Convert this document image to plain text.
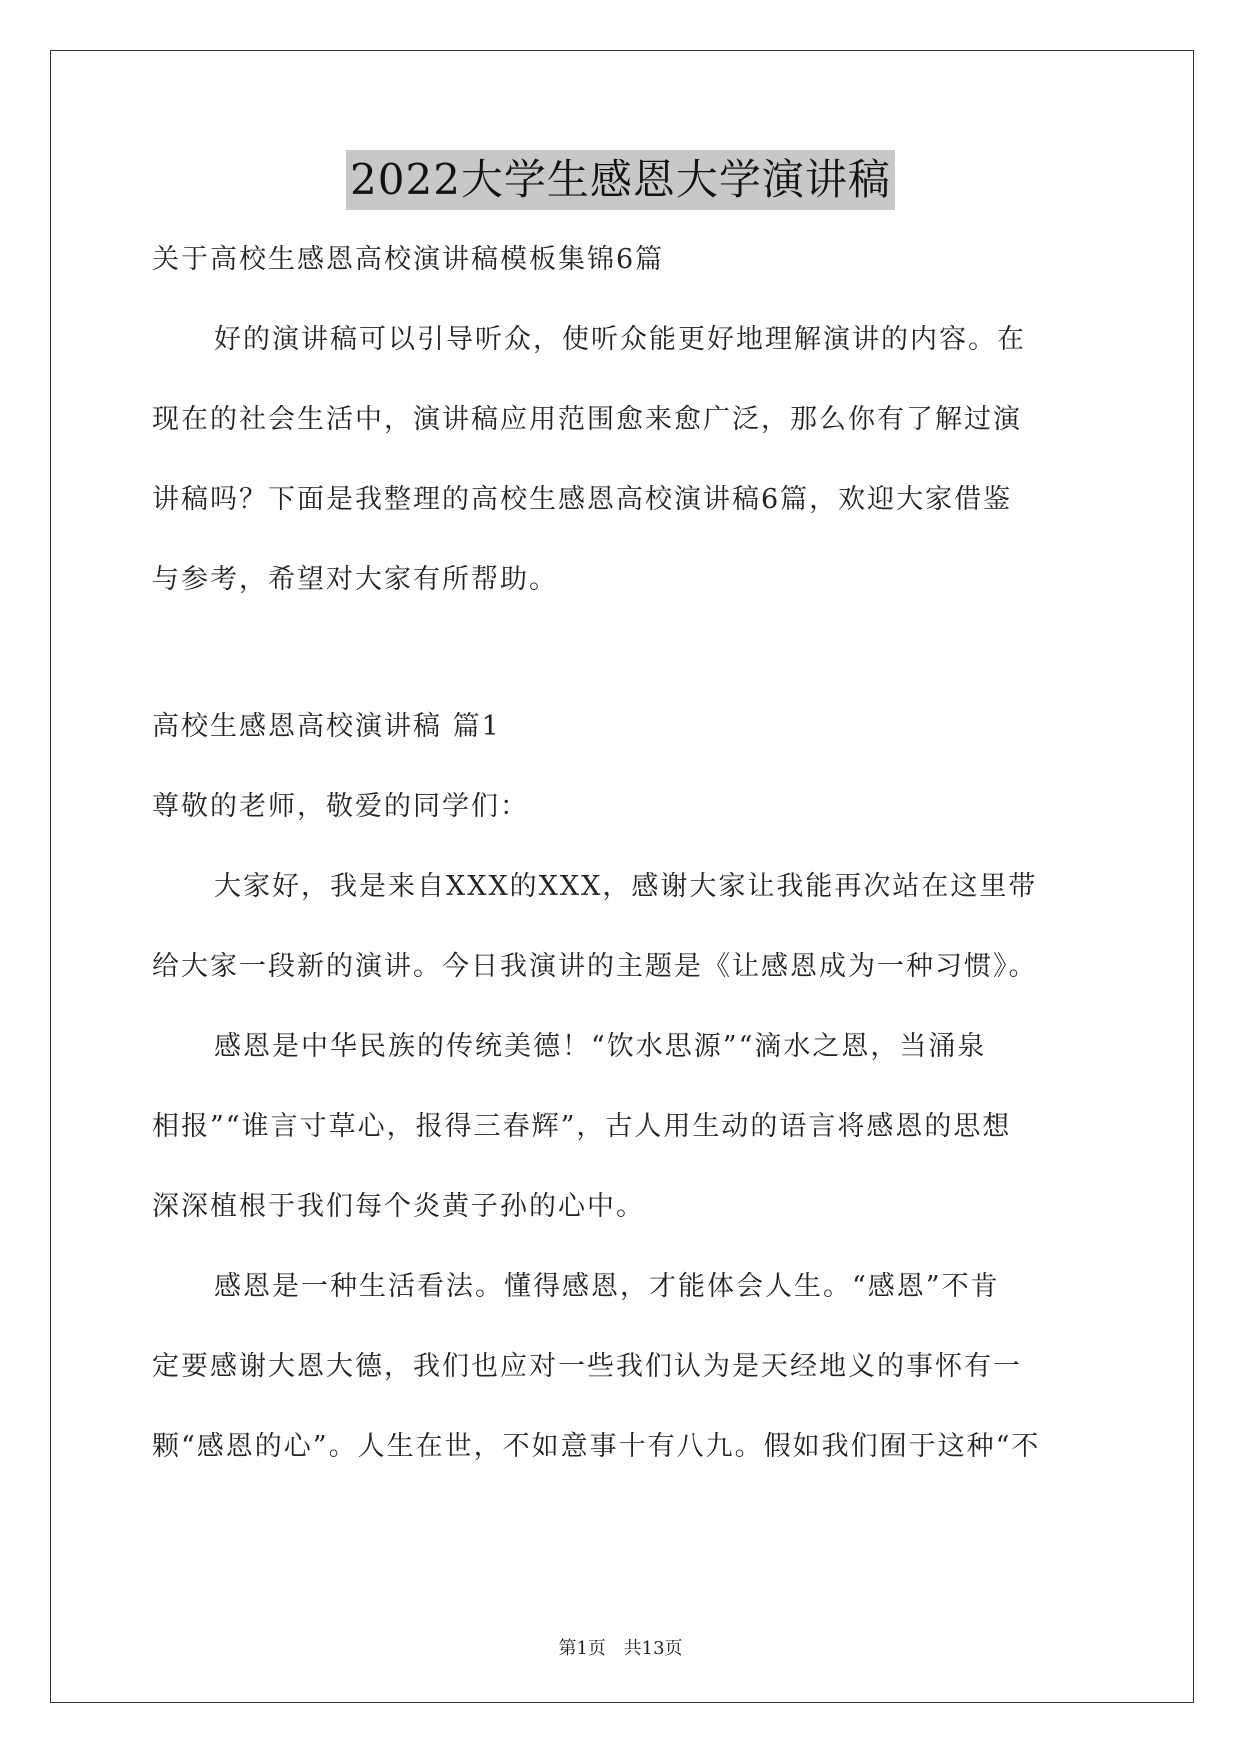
2022大学生感恩大学演讲稿
关于高校生感恩高校演讲稿模板集锦6篇
好的演讲稿可以引导听众，使听众能更好地理解演讲的内容。在
现在的社会生活中，演讲稿应用范围愈来愈广泛，那么你有了解过演
讲稿吗？下面是我整理的高校生感恩高校演讲稿6篇，欢迎大家借鉴
与参考，希望对大家有所帮助。
高校生感恩高校演讲稿 篇1
尊敬的老师，敬爱的同学们：
大家好，我是来自XXX的XXX，感谢大家让我能再次站在这里带
给大家一段新的演讲。今日我演讲的主题是《让感恩成为一种习惯》。
感恩是中华民族的传统美德！“饮水思源”“滴水之恩，当涌泉
相报”“谁言寸草心，报得三春辉”，古人用生动的语言将感恩的思想
深深植根于我们每个炎黄子孙的心中。
感恩是一种生活看法。懂得感恩，才能体会人生。“感恩”不肯
定要感谢大恩大德，我们也应对一些我们认为是天经地义的事怀有一
颗“感恩的心”。人生在世，不如意事十有八九。假如我们囿于这种“不
第1页 共13页
